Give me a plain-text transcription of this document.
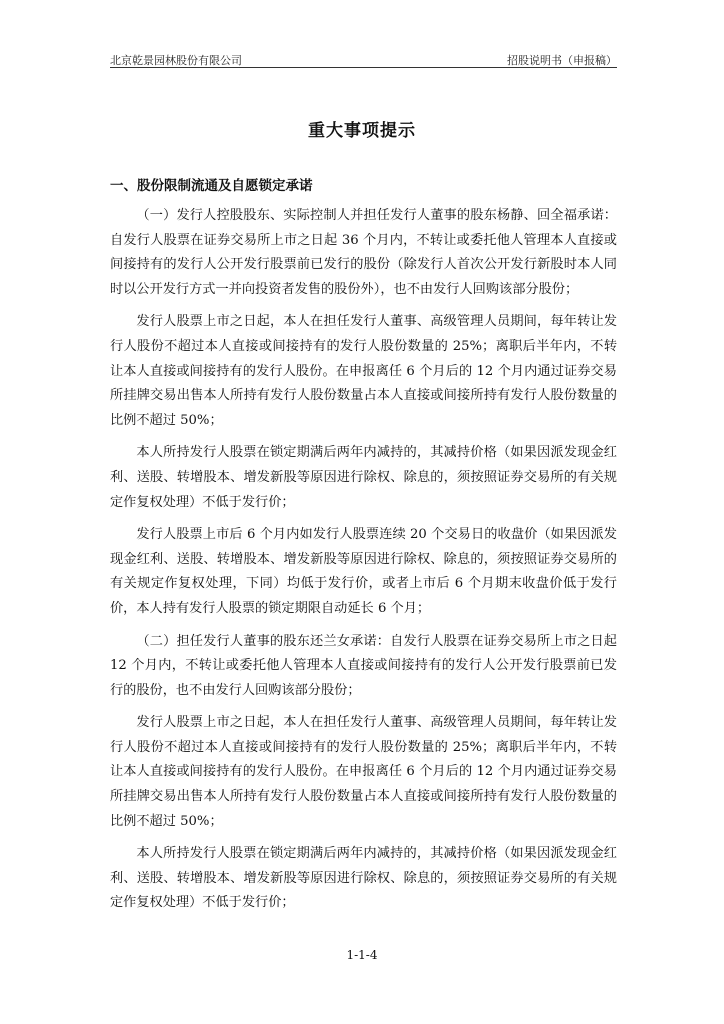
北京乾景园林股份有限公司	招股说明书（申报稿）
重大事项提示
一、股份限制流通及自愿锁定承诺

（一）发行人控股股东、实际控制人并担任发行人董事的股东杨静、回全福承诺：自发行人股票在证券交易所上市之日起 36 个月内，不转让或委托他人管理本人直接或间接持有的发行人公开发行股票前已发行的股份（除发行人首次公开发行新股时本人同时以公开发行方式一并向投资者发售的股份外），也不由发行人回购该部分股份；

发行人股票上市之日起，本人在担任发行人董事、高级管理人员期间，每年转让发行人股份不超过本人直接或间接持有的发行人股份数量的 25%；离职后半年内，不转让本人直接或间接持有的发行人股份。在申报离任 6 个月后的 12 个月内通过证券交易所挂牌交易出售本人所持有发行人股份数量占本人直接或间接所持有发行人股份数量的比例不超过 50%；

本人所持发行人股票在锁定期满后两年内减持的，其减持价格（如果因派发现金红利、送股、转增股本、增发新股等原因进行除权、除息的，须按照证券交易所的有关规定作复权处理）不低于发行价；

发行人股票上市后 6 个月内如发行人股票连续 20 个交易日的收盘价（如果因派发现金红利、送股、转增股本、增发新股等原因进行除权、除息的，须按照证券交易所的有关规定作复权处理，下同）均低于发行价，或者上市后 6 个月期末收盘价低于发行价，本人持有发行人股票的锁定期限自动延长 6 个月；

（二）担任发行人董事的股东还兰女承诺：自发行人股票在证券交易所上市之日起 12 个月内，不转让或委托他人管理本人直接或间接持有的发行人公开发行股票前已发行的股份，也不由发行人回购该部分股份；

发行人股票上市之日起，本人在担任发行人董事、高级管理人员期间，每年转让发行人股份不超过本人直接或间接持有的发行人股份数量的 25%；离职后半年内，不转让本人直接或间接持有的发行人股份。在申报离任 6 个月后的 12 个月内通过证券交易所挂牌交易出售本人所持有发行人股份数量占本人直接或间接所持有发行人股份数量的比例不超过 50%；

本人所持发行人股票在锁定期满后两年内减持的，其减持价格（如果因派发现金红利、送股、转增股本、增发新股等原因进行除权、除息的，须按照证券交易所的有关规定作复权处理）不低于发行价；

1-1-4
